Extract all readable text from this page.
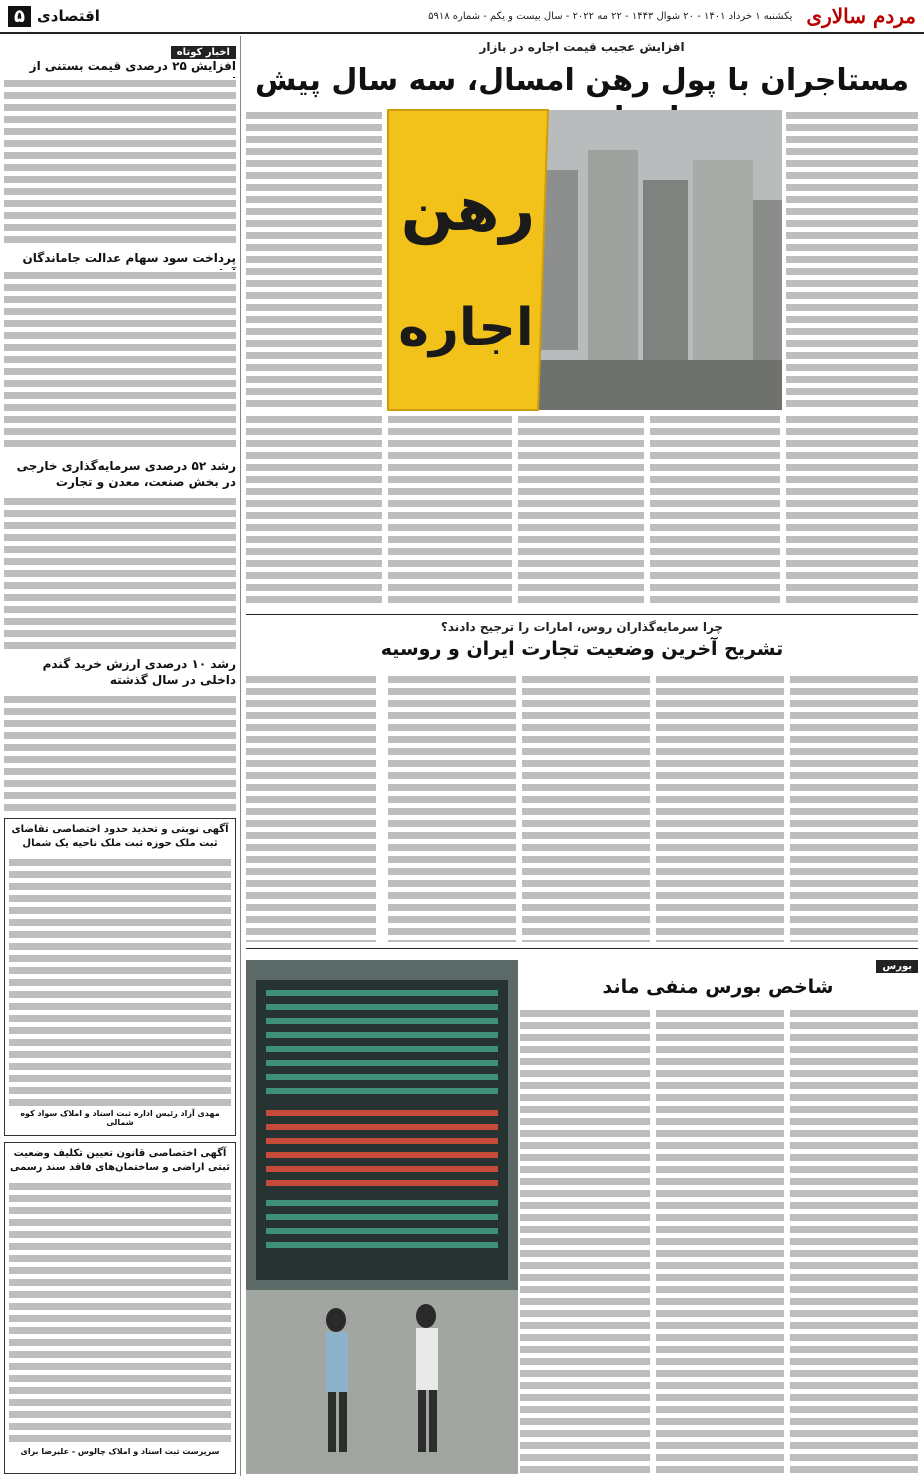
مردم سالاری
یکشنبه ۱ خرداد ۱۴۰۱ - ۲۰ شوال ۱۴۴۳ - ۲۲ مه ۲۰۲۲ - سال بیست و یکم - شماره ۵۹۱۸
اقتصادی
۵
افزایش عجیب قیمت اجاره در بازار
مستاجران با پول رهن امسال، سه سال پیش
رهن
اجاره
چرا سرمایه‌گذاران روس، امارات را ترجیح دادند؟
تشریح آخرین وضعیت تجارت ایران و روسیه
بورس
شاخص بورس منفی ماند
اخبار کوتاه
افزایش ۲۵ درصدی قیمت بستنی از
پرداخت سود سهام عدالت جاماندگان
رشد ۵۲ درصدی سرمایه‌گذاری خارجی در بخش صنعت، معدن و تجارت
رشد ۱۰ درصدی ارزش خرید گندم داخلی در سال گذشته
آگهی نوبتی و تحدید حدود اختصاصی تقاضای ثبت ملک حوزه ثبت ملک ناحیه یک شمال
مهدی آزاد رئیس اداره ثبت اسناد و املاک سواد کوه شمالی
آگهی اختصاصی قانون تعیین تکلیف وضعیت ثبتی اراضی و ساختمان‌های فاقد سند رسمی
سرپرست ثبت اسناد و املاک چالوس - علیرضا برای
